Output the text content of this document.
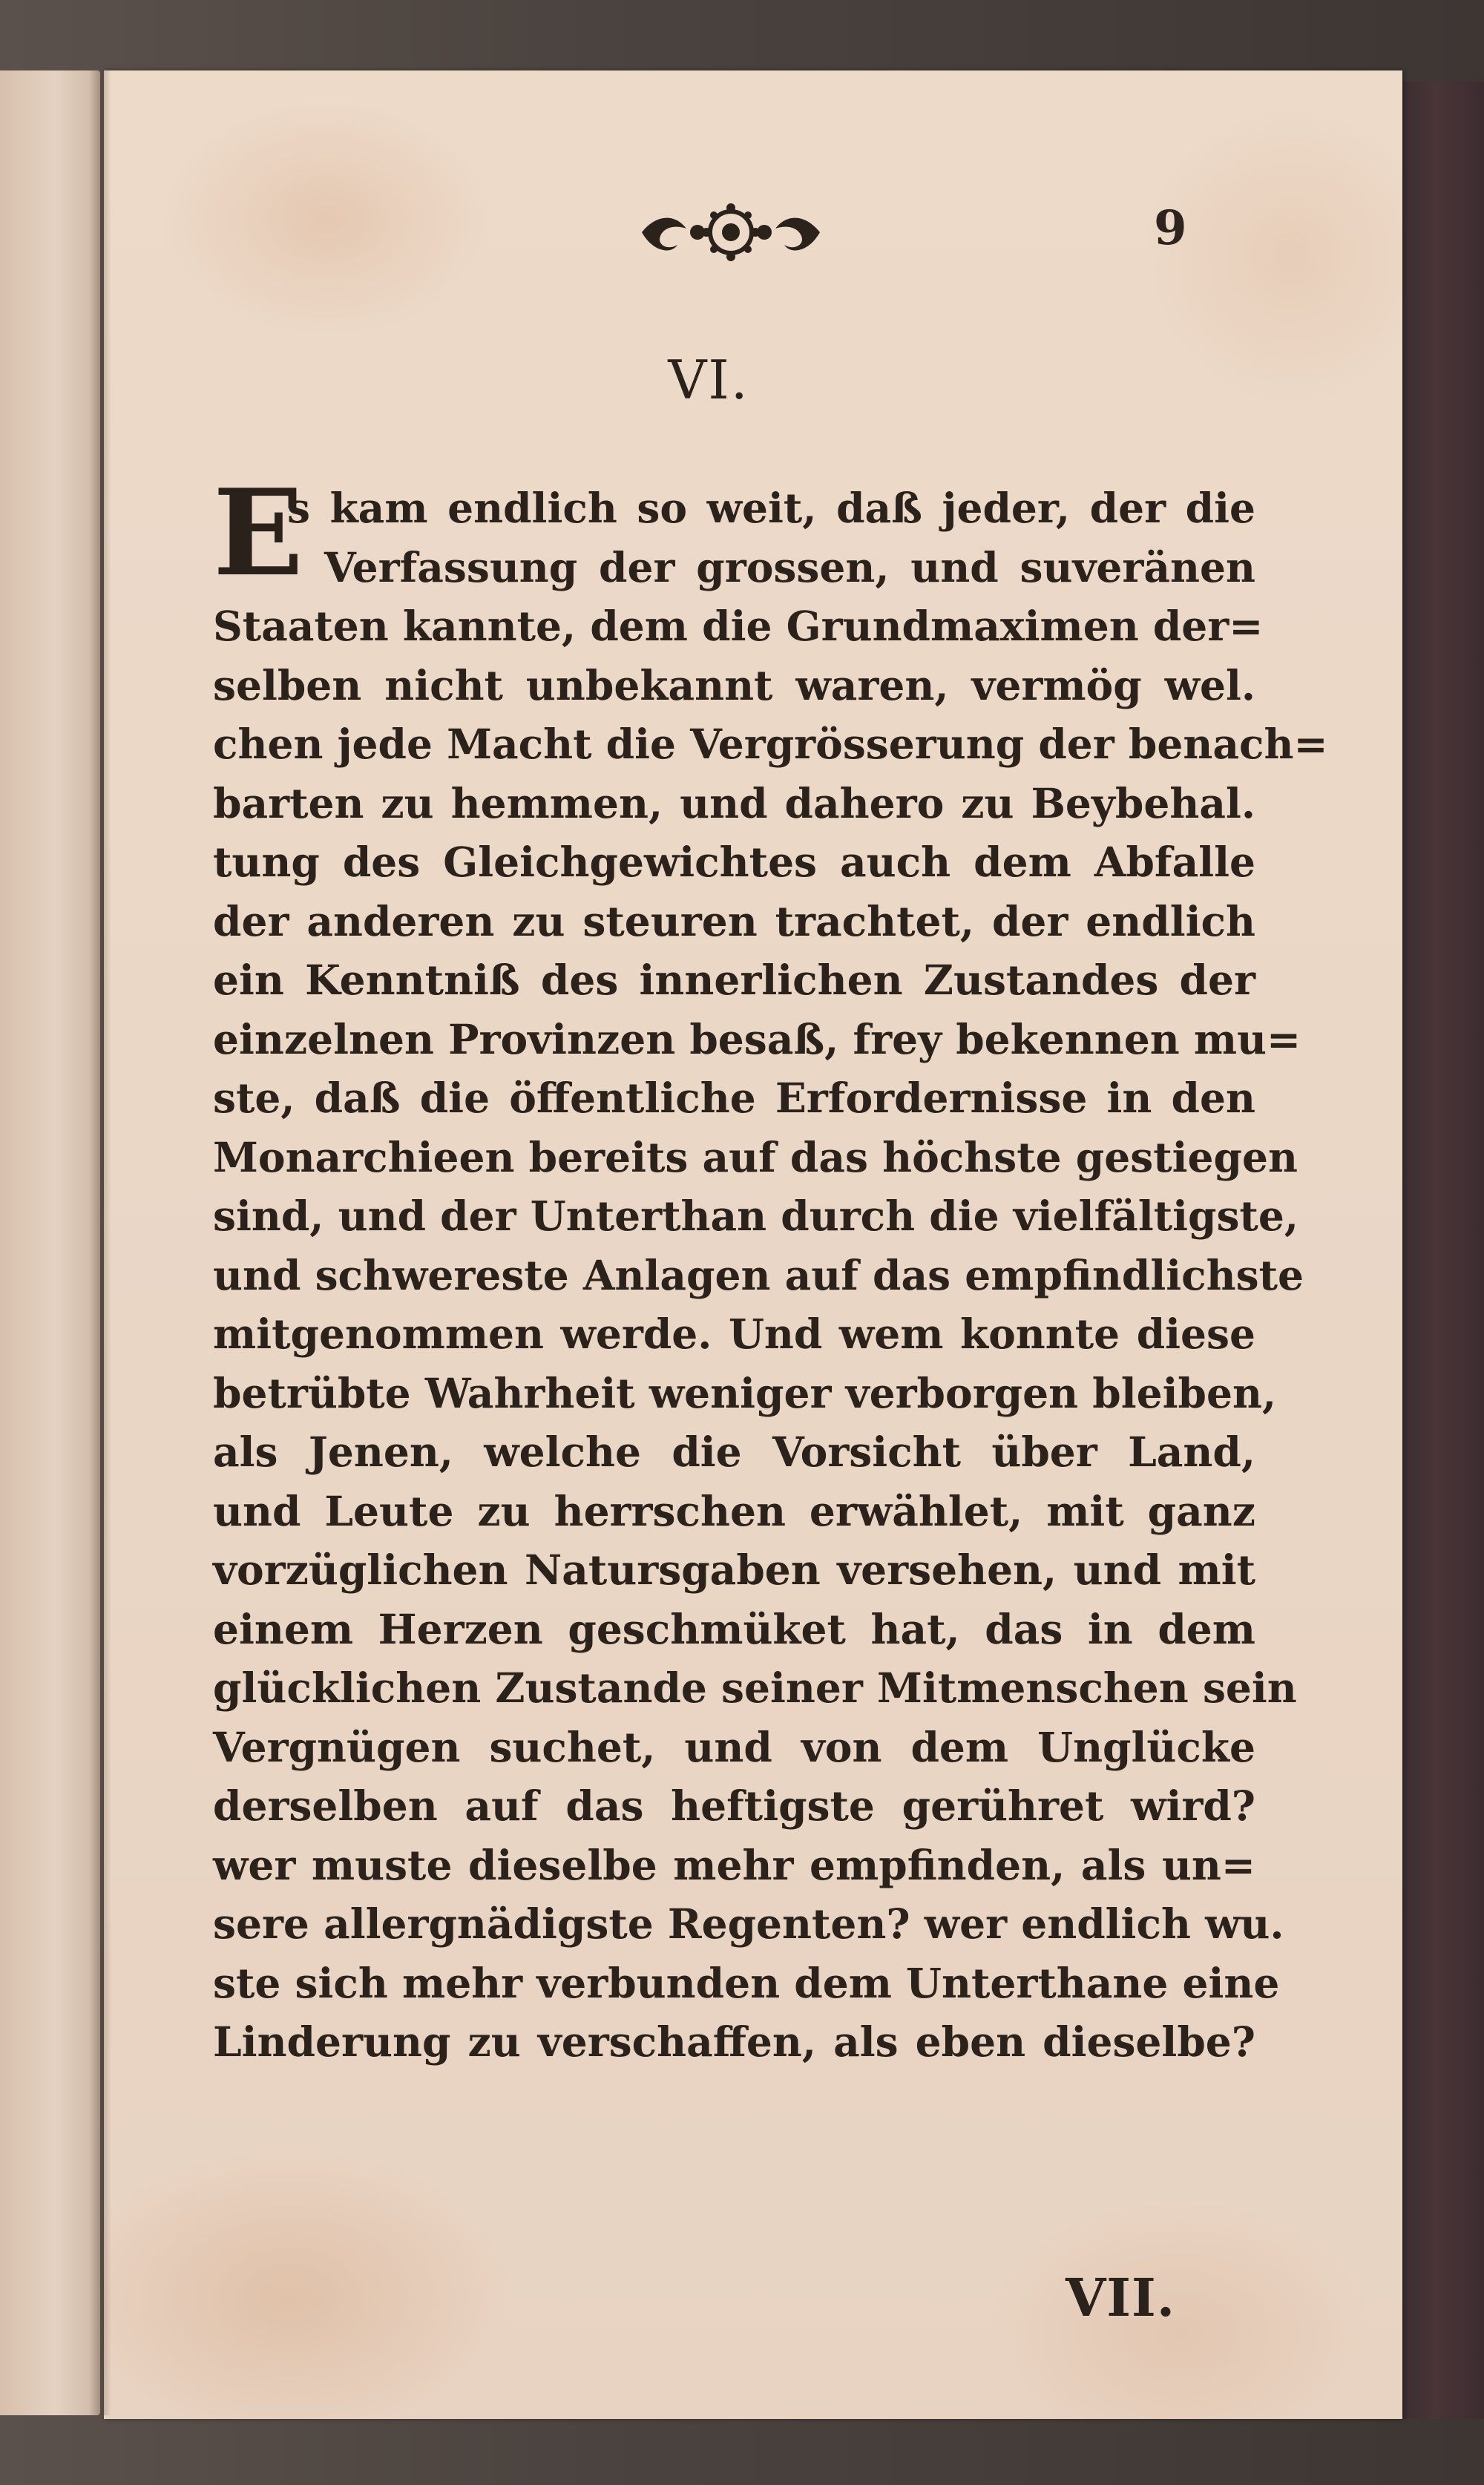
9
VI.
E
s kam endlich so weit, daß jeder, der die
Verfassung der grossen, und suveränen
Staaten kannte, dem die Grundmaximen der=
selben nicht unbekannt waren, vermög wel.
chen jede Macht die Vergrösserung der benach=
barten zu hemmen, und dahero zu Beybehal.
tung des Gleichgewichtes auch dem Abfalle
der anderen zu steuren trachtet, der endlich
ein Kenntniß des innerlichen Zustandes der
einzelnen Provinzen besaß, frey bekennen mu=
ste, daß die öffentliche Erfordernisse in den
Monarchieen bereits auf das höchste gestiegen
sind, und der Unterthan durch die vielfältigste,
und schwereste Anlagen auf das empfindlichste
mitgenommen werde. Und wem konnte diese
betrübte Wahrheit weniger verborgen bleiben,
als Jenen, welche die Vorsicht über Land,
und Leute zu herrschen erwählet, mit ganz
vorzüglichen Natursgaben versehen, und mit
einem Herzen geschmüket hat, das in dem
glücklichen Zustande seiner Mitmenschen sein
Vergnügen suchet, und von dem Unglücke
derselben auf das heftigste gerühret wird?
wer muste dieselbe mehr empfinden, als un=
sere allergnädigste Regenten? wer endlich wu.
ste sich mehr verbunden dem Unterthane eine
Linderung zu verschaffen, als eben dieselbe?
VII.
